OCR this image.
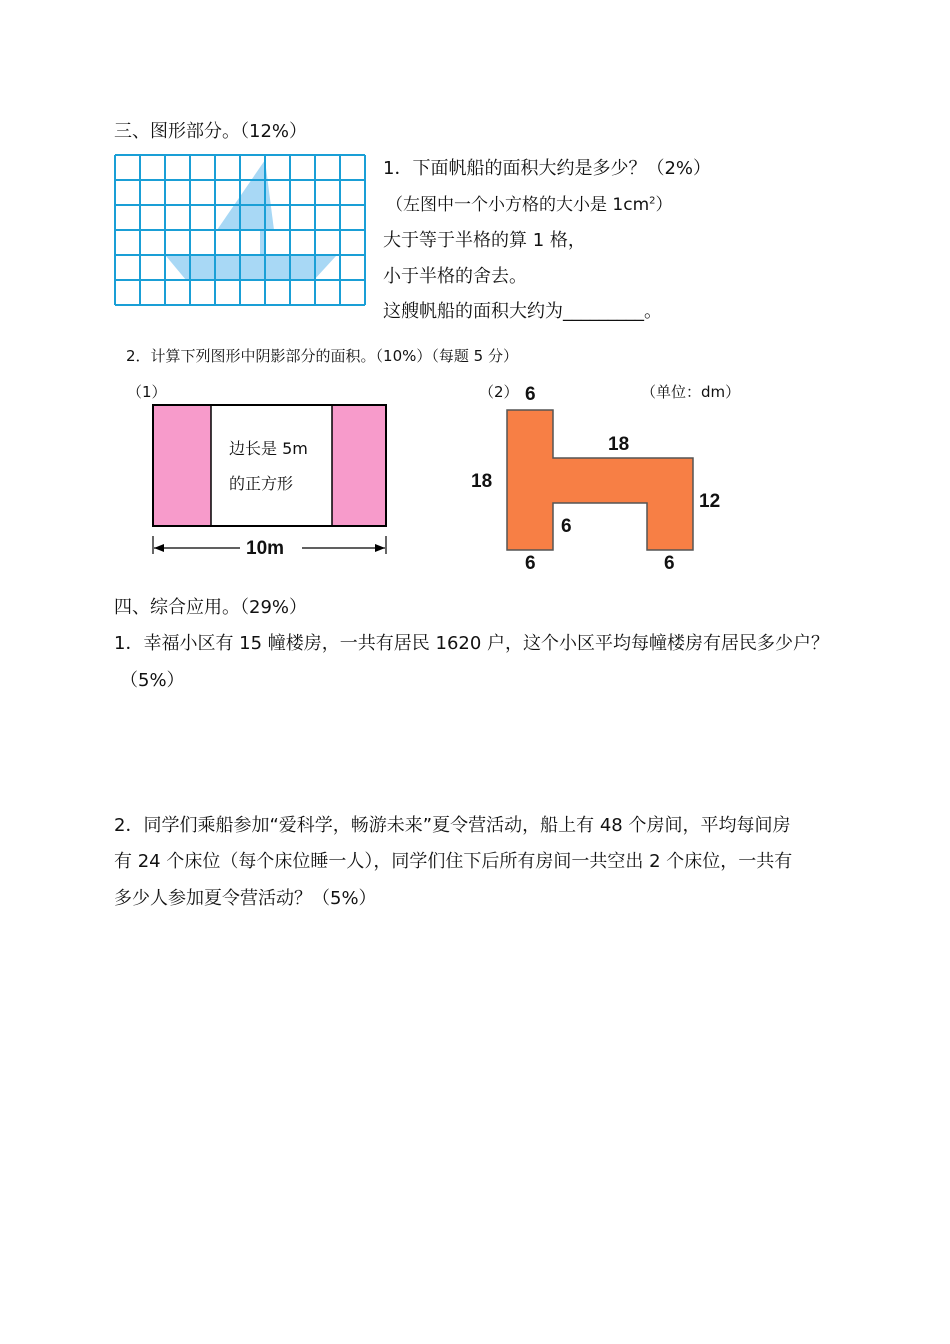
三、图形部分。（12%）
1．下面帆船的面积大约是多少？（2%）
（左图中一个小方格的大小是 $1cm^2$）
大于等于半格的算 1 格，
小于半格的舍去。
这艘帆船的面积大约为_________。
2．计算下列图形中阴影部分的面积。（10%）（每题 5 分）
（1）
边长是 5m
的正方形
10m
（2）	（单位：dm）
6
18
18
12
6
6	6
四、综合应用。（29%）
1．幸福小区有 15 幢楼房，一共有居民 1620 户，这个小区平均每幢楼房有居民多少户？
（5%）
2．同学们乘船参加“爱科学，畅游未来”夏令营活动，船上有 48 个房间，平均每间房
有 24 个床位（每个床位睡一人），同学们住下后所有房间一共空出 2 个床位，一共有
多少人参加夏令营活动？（5%）
